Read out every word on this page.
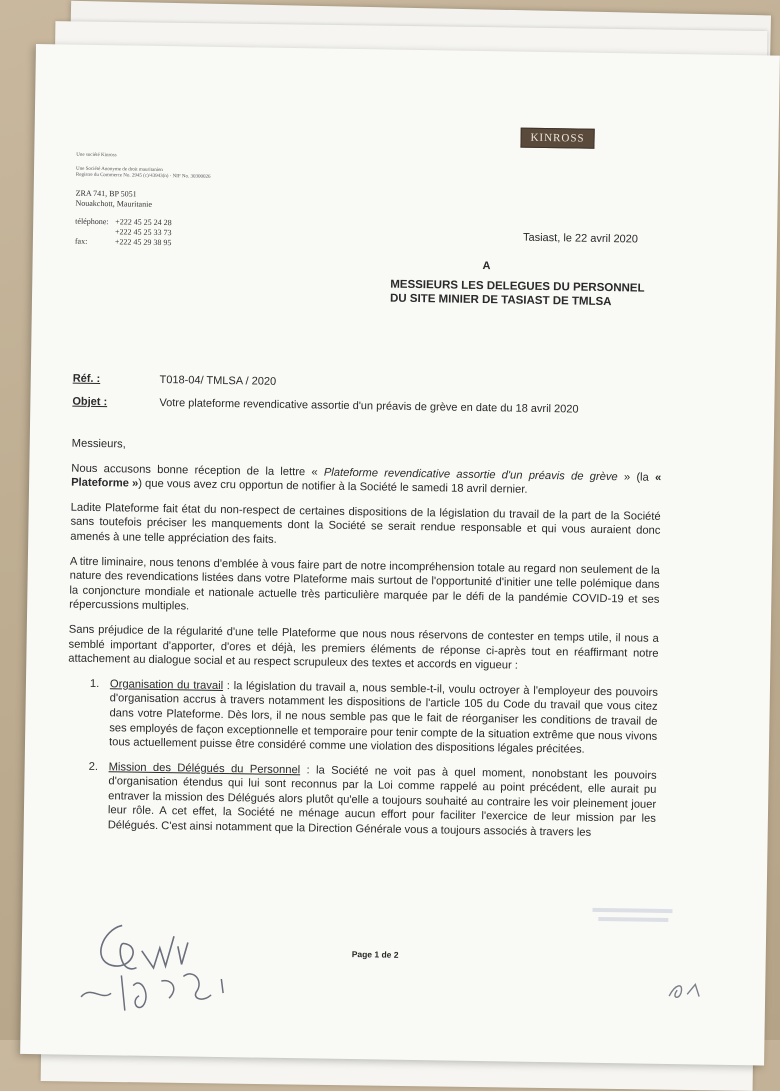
KINROSS
Une société Kinross
Une Société Anonyme de droit mauritanien
Registre du Commerce No. 2945 (c)/43943(n) · NIF No. 30300026
ZRA 741, BP 5051
Nouakchott, Mauritanie
téléphone: +222 45 25 24 28
+222 45 25 33 73
fax:	+222 45 29 38 95	Tasiast, le 22 avril 2020
A
MESSIEURS LES DELEGUES DU PERSONNEL
DU SITE MINIER DE TASIAST DE TMLSA
Réf. :	T018-04/ TMLSA / 2020
Objet :	Votre plateforme revendicative assortie d'un préavis de grève en date du 18 avril 2020

Messieurs,

Nous accusons bonne réception de la lettre « Plateforme revendicative assortie d'un préavis de grève » (la « Plateforme ») que vous avez cru opportun de notifier à la Société le samedi 18 avril dernier.

Ladite Plateforme fait état du non-respect de certaines dispositions de la législation du travail de la part de la Société sans toutefois préciser les manquements dont la Société se serait rendue responsable et qui vous auraient donc amenés à une telle appréciation des faits.

A titre liminaire, nous tenons d'emblée à vous faire part de notre incompréhension totale au regard non seulement de la nature des revendications listées dans votre Plateforme mais surtout de l'opportunité d'initier une telle polémique dans la conjoncture mondiale et nationale actuelle très particulière marquée par le défi de la pandémie COVID-19 et ses répercussions multiples.

Sans préjudice de la régularité d'une telle Plateforme que nous nous réservons de contester en temps utile, il nous a semblé important d'apporter, d'ores et déjà, les premiers éléments de réponse ci-après tout en réaffirmant notre attachement au dialogue social et au respect scrupuleux des textes et accords en vigueur :

1. Organisation du travail : la législation du travail a, nous semble-t-il, voulu octroyer à l'employeur des pouvoirs d'organisation accrus à travers notamment les dispositions de l'article 105 du Code du travail que vous citez dans votre Plateforme. Dès lors, il ne nous semble pas que le fait de réorganiser les conditions de travail de ses employés de façon exceptionnelle et temporaire pour tenir compte de la situation extrême que nous vivons tous actuellement puisse être considéré comme une violation des dispositions légales précitées.
2. Mission des Délégués du Personnel : la Société ne voit pas à quel moment, nonobstant les pouvoirs d'organisation étendus qui lui sont reconnus par la Loi comme rappelé au point précédent, elle aurait pu entraver la mission des Délégués alors plutôt qu'elle a toujours souhaité au contraire les voir pleinement jouer leur rôle. A cet effet, la Société ne ménage aucun effort pour faciliter l'exercice de leur mission par les Délégués. C'est ainsi notamment que la Direction Générale vous a toujours associés à travers les
Page 1 de 2
